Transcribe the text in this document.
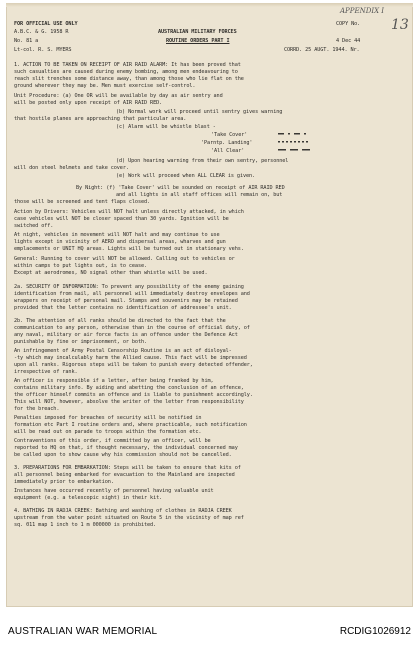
APPENDIX I
13
FOR OFFICIAL USE ONLY
A.B.C. & G. 1958 R
No. 81 a
Lt-col. R. S. MYERS
AUSTRALIAN MILITARY FORCES
ROUTINE ORDERS PART I
COPY No.
4 Dec 44
CORRD. 25 AUGT. 1944. Nr.
1. ACTION TO BE TAKEN ON RECEIPT OF AIR RAID ALARM: It has been proved that
such casualties are caused during enemy bombing, among men endeavouring to
reach slit trenches some distance away, than among those who lie flat on the
ground wherever they may be. Men must exercise self-control.
Unit Procedure: (a) One OR will be available by day as air sentry and
will be posted only upon receipt of AIR RAID RED.
(b) Normal work will proceed until sentry gives warning
that hostile planes are approaching that particular area.
(c) Alarm will be whistle blast -
'Take Cover'
'Parntp. Landing'
'All Clear'
(d) Upon hearing warning from their own sentry, personnel
will don steel helmets and take cover.
(e) Work will proceed when ALL CLEAR is given.
By Night: (f) 'Take Cover' will be sounded on receipt of AIR RAID RED
and all lights in all staff offices will remain on, but
those will be screened and tent flaps closed.
Action by Drivers: Vehicles will NOT halt unless directly attacked, in which
case vehicles will NOT be closer spaced than 30 yards. Ignition will be
switched off.
At night, vehicles in movement will NOT halt and may continue to use
lights except in vicinity of AERO and dispersal areas, wharves and gun
emplacements or UNIT HQ areas. Lights will be turned out in stationary vehs.
General: Running to cover will NOT be allowed. Calling out to vehicles or
within camps to put lights out, is to cease.
Except at aerodromes, NO signal other than whistle will be used.
2a. SECURITY OF INFORMATION: To prevent any possibility of the enemy gaining
identification from mail, all personnel will immediately destroy envelopes and
wrappers on receipt of personal mail. Stamps and souvenirs may be retained
provided that the letter contains no identification of addressee's unit.
2b. The attention of all ranks should be directed to the fact that the
communication to any person, otherwise than in the course of official duty, of
any naval, military or air force facts is an offence under the Defence Act
punishable by fine or imprisonment, or both.
An infringement of Army Postal Censorship Routine is an act of disloyal-
-ty which may incalculably harm the Allied cause. This fact will be impressed
upon all ranks. Rigorous steps will be taken to punish every detected offender,
irrespective of rank.
An officer is responsible if a letter, after being franked by him,
contains military info. By aiding and abetting the conclusion of an offence,
the officer himself commits an offence and is liable to punishment accordingly.
This will NOT, however, absolve the writer of the letter from responsibility
for the breach.
Penalties imposed for breaches of security will be notified in
formation etc Part I routine orders and, where practicable, such notification
will be read out on parade to troops within the formation etc.
Contraventions of this order, if committed by an officer, will be
reported to HQ on that, if thought necessary, the individual concerned may
be called upon to show cause why his commission should not be cancelled.
3. PREPARATIONS FOR EMBARKATION: Steps will be taken to ensure that kits of
all personnel being embarked for evacuation to the Mainland are inspected
immediately prior to embarkation.
Instances have occurred recently of personnel having valuable unit
equipment (e.g. a telescopic sight) in their kit.
4. BATHING IN RADJA CREEK: Bathing and washing of clothes in RADJA CREEK
upstream from the water point situated on Route 5 in the vicinity of map ref
sq. 011 map 1 inch to 1 m 000000 is prohibited.
AUSTRALIAN WAR MEMORIAL	RCDIG1026912
